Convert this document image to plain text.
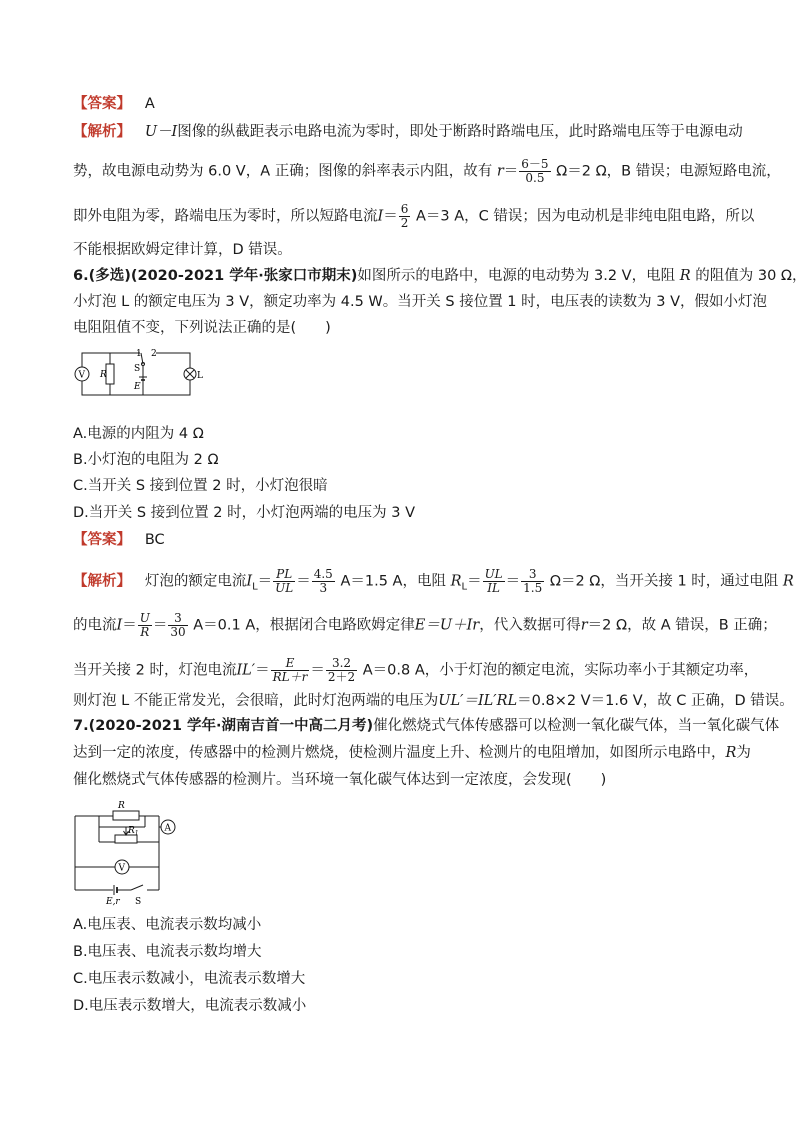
【答案】 A
【解析】 U－I图像的纵截距表示电路电流为零时，即处于断路时路端电压，此时路端电压等于电源电动
势，故电源电动势为 6.0 V，A 正确；图像的斜率表示内阻，故有 $r= \frac{6-5}{0.5} \Omega=2$ Ω，B 错误；电源短路电流，
即外电阻为零，路端电压为零时，所以短路电流$I= \frac{6}{2} A=3$ A，C 错误；因为电动机是非纯电阻电路，所以
不能根据欧姆定律计算，D 错误。
6.(多选)(2020-2021 学年·张家口市期末)如图所示的电路中，电源的电动势为 3.2 V，电阻 R 的阻值为 30 Ω，
小灯泡 L 的额定电压为 3 V，额定功率为 4.5 W。当开关 S 接位置 1 时，电压表的读数为 3 V，假如小灯泡
电阻阻值不变，下列说法正确的是(　　)
V R
1 2
S
E
L
A.电源的内阻为 4 Ω
B.小灯泡的电阻为 2 Ω
C.当开关 S 接到位置 2 时，小灯泡很暗
D.当开关 S 接到位置 2 时，小灯泡两端的电压为 3 V
【答案】 BC
【解析】 灯泡的额定电流$I_L= \frac{PL}{UL} = \frac{4.5}{3} A=1.5$ A，电阻 $R_L= \frac{UL}{IL} = \frac{3}{1.5} \Omega=2$ Ω，当开关接 1 时，通过电阻 R
的电流$I= \frac{U}{R} = \frac{3}{30} A=0.1$ A，根据闭合电路欧姆定律E＝U＋Ir，代入数据可得r＝2 Ω，故 A 错误，B 正确；
当开关接 2 时，灯泡电流$IL'= \frac{E}{RL+r} = \frac{3.2}{2+2} A=0.8$ A，小于灯泡的额定电流，实际功率小于其额定功率，
则灯泡 L 不能正常发光，会很暗，此时灯泡两端的电压为UL′＝IL′RL＝0.8×2 V＝1.6 V，故 C 正确，D 错误。
7.(2020-2021 学年·湖南吉首一中高二月考)催化燃烧式气体传感器可以检测一氧化碳气体，当一氧化碳气体
达到一定的浓度，传感器中的检测片燃烧，使检测片温度上升、检测片的电阻增加，如图所示电路中，R为
催化燃烧式气体传感器的检测片。当环境一氧化碳气体达到一定浓度，会发现(　　)
R
$R_1$	A
V
E,r S
A.电压表、电流表示数均减小
B.电压表、电流表示数均增大
C.电压表示数减小，电流表示数增大
D.电压表示数增大，电流表示数减小
